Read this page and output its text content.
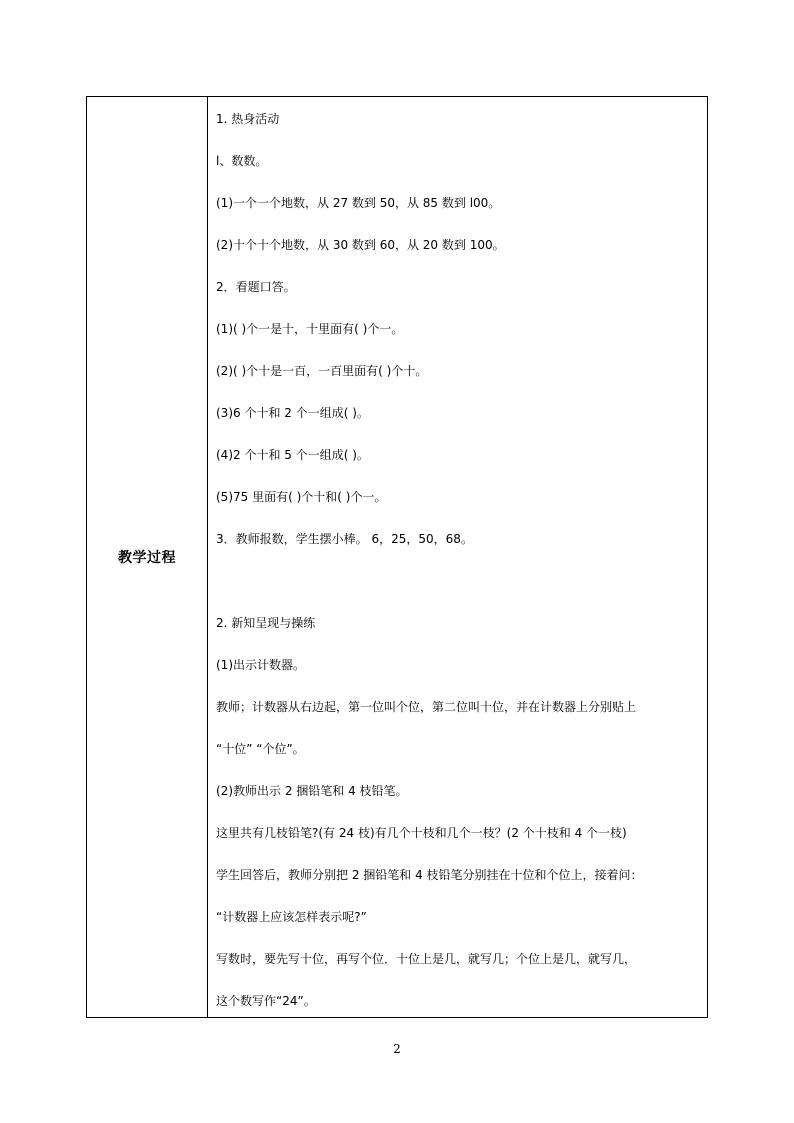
教学过程
1. 热身活动
l、数数。
(1)一个一个地数，从 27 数到 50，从 85 数到 l00。
(2)十个十个地数，从 30 数到 60，从 20 数到 100。
2．看题口答。
(1)( )个一是十，十里面有( )个一。
(2)( )个十是一百，一百里面有( )个十。
(3)6 个十和 2 个一组成( )。
(4)2 个十和 5 个一组成( )。
(5)75 里面有( )个十和( )个一。
3．教师报数，学生摆小棒。 6，25，50，68。
2. 新知呈现与操练
(1)出示计数器。
教师；计数器从右边起，第一位叫个位，第二位叫十位，并在计数器上分别贴上
“十位” “个位”。
(2)教师出示 2 捆铅笔和 4 枝铅笔。
这里共有几枝铅笔?(有 24 枝)有几个十枝和几个一枝？(2 个十枝和 4 个一枝)
学生回答后，教师分别把 2 捆铅笔和 4 枝铅笔分别挂在十位和个位上，接着问：
“计数器上应该怎样表示呢?”
写数时，要先写十位，再写个位．十位上是几，就写几；个位上是几，就写几，
这个数写作“24”。
2
